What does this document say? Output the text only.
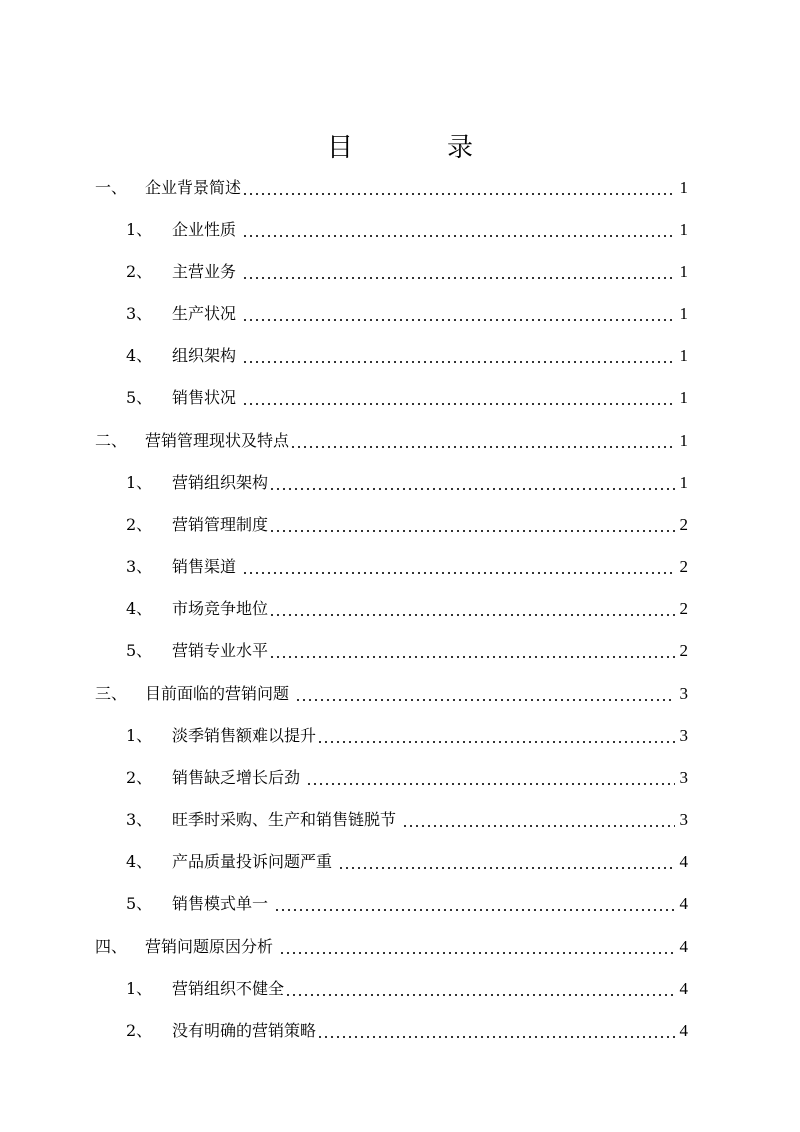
目　录
一、	企业背景简述	1
1、	企业性质	1
2、	主营业务	1
3、	生产状况	1
4、	组织架构	1
5、	销售状况	1
二、	营销管理现状及特点	1
1、	营销组织架构	1
2、	营销管理制度	2
3、	销售渠道	2
4、	市场竞争地位	2
5、	营销专业水平	2
三、	目前面临的营销问题	3
1、	淡季销售额难以提升	3
2、	销售缺乏增长后劲	3
3、	旺季时采购、生产和销售链脱节	3
4、	产品质量投诉问题严重	4
5、	销售模式单一	4
四、	营销问题原因分析	4
1、	营销组织不健全	4
2、	没有明确的营销策略	4
